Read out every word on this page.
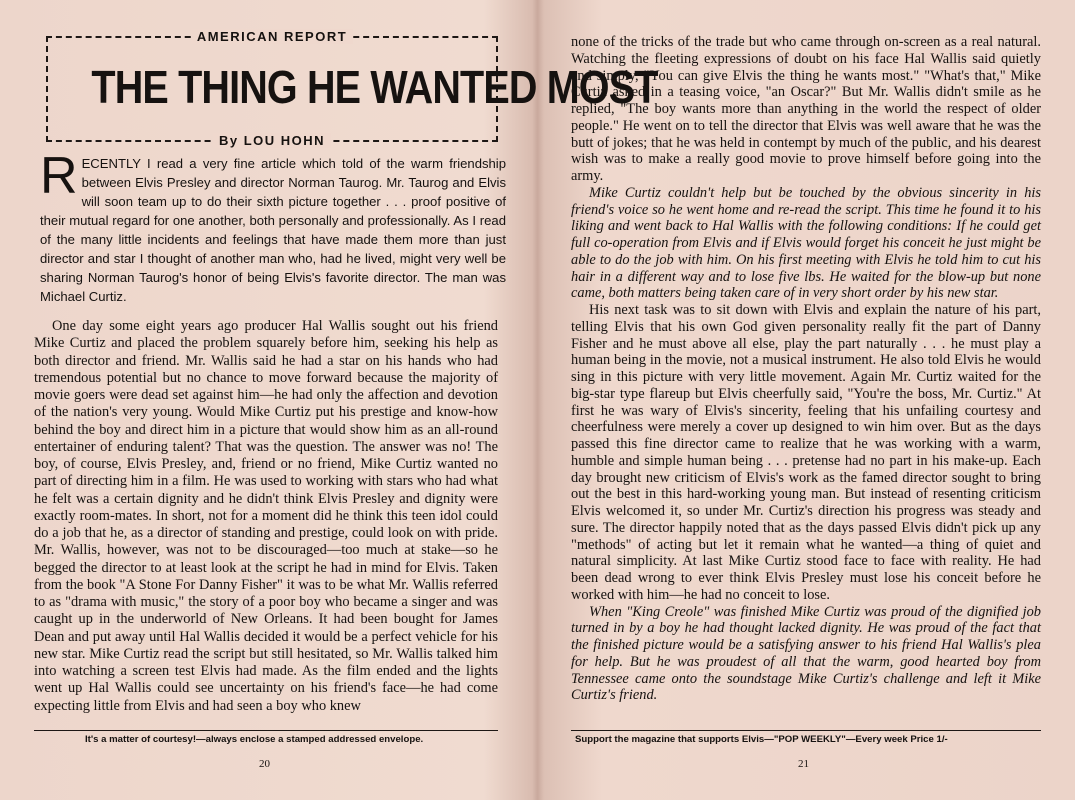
AMERICAN REPORT
THE THING HE WANTED MOST
By LOU HOHN

RECENTLY I read a very fine article which told of the warm friendship between Elvis Presley and director Norman Taurog. Mr. Taurog and Elvis will soon team up to do their sixth picture together . . . proof positive of their mutual regard for one another, both personally and professionally. As I read of the many little incidents and feelings that have made them more than just director and star I thought of another man who, had he lived, might very well be sharing Norman Taurog's honor of being Elvis's favorite director. The man was Michael Curtiz.

One day some eight years ago producer Hal Wallis sought out his friend Mike Curtiz and placed the problem squarely before him, seeking his help as both director and friend. Mr. Wallis said he had a star on his hands who had tremendous potential but no chance to move forward because the majority of movie goers were dead set against him—he had only the affection and devotion of the nation's very young. Would Mike Curtiz put his prestige and know-how behind the boy and direct him in a picture that would show him as an all-round entertainer of enduring talent? That was the question. The answer was no! The boy, of course, Elvis Presley, and, friend or no friend, Mike Curtiz wanted no part of directing him in a film. He was used to working with stars who had what he felt was a certain dignity and he didn't think Elvis Presley and dignity were exactly room-mates. In short, not for a moment did he think this teen idol could do a job that he, as a director of standing and prestige, could look on with pride. Mr. Wallis, however, was not to be discouraged—too much at stake—so he begged the director to at least look at the script he had in mind for Elvis. Taken from the book "A Stone For Danny Fisher" it was to be what Mr. Wallis referred to as "drama with music," the story of a poor boy who became a singer and was caught up in the underworld of New Orleans. It had been bought for James Dean and put away until Hal Wallis decided it would be a perfect vehicle for his new star. Mike Curtiz read the script but still hesitated, so Mr. Wallis talked him into watching a screen test Elvis had made. As the film ended and the lights went up Hal Wallis could see uncertainty on his friend's face—he had come expecting little from Elvis and had seen a boy who knew

It's a matter of courtesy!—always enclose a stamped addressed envelope.
20

none of the tricks of the trade but who came through on-screen as a real natural. Watching the fleeting expressions of doubt on his face Hal Wallis said quietly and simply, "You can give Elvis the thing he wants most." "What's that," Mike Curtiz asked in a teasing voice, "an Oscar?" But Mr. Wallis didn't smile as he replied, "The boy wants more than anything in the world the respect of older people." He went on to tell the director that Elvis was well aware that he was the butt of jokes; that he was held in contempt by much of the public, and his dearest wish was to make a really good movie to prove himself before going into the army.

Mike Curtiz couldn't help but be touched by the obvious sincerity in his friend's voice so he went home and re-read the script. This time he found it to his liking and went back to Hal Wallis with the following conditions: If he could get full co-operation from Elvis and if Elvis would forget his conceit he just might be able to do the job with him. On his first meeting with Elvis he told him to cut his hair in a different way and to lose five lbs. He waited for the blow-up but none came, both matters being taken care of in very short order by his new star.

His next task was to sit down with Elvis and explain the nature of his part, telling Elvis that his own God given personality really fit the part of Danny Fisher and he must above all else, play the part naturally . . . he must play a human being in the movie, not a musical instrument. He also told Elvis he would sing in this picture with very little movement. Again Mr. Curtiz waited for the big-star type flareup but Elvis cheerfully said, "You're the boss, Mr. Curtiz." At first he was wary of Elvis's sincerity, feeling that his unfailing courtesy and cheerfulness were merely a cover up designed to win him over. But as the days passed this fine director came to realize that he was working with a warm, humble and simple human being . . . pretense had no part in his make-up. Each day brought new criticism of Elvis's work as the famed director sought to bring out the best in this hard-working young man. But instead of resenting criticism Elvis welcomed it, so under Mr. Curtiz's direction his progress was steady and sure. The director happily noted that as the days passed Elvis didn't pick up any "methods" of acting but let it remain what he wanted—a thing of quiet and natural simplicity. At last Mike Curtiz stood face to face with reality. He had been dead wrong to ever think Elvis Presley must lose his conceit before he worked with him—he had no conceit to lose.

When "King Creole" was finished Mike Curtiz was proud of the dignified job turned in by a boy he had thought lacked dignity. He was proud of the fact that the finished picture would be a satisfying answer to his friend Hal Wallis's plea for help. But he was proudest of all that the warm, good hearted boy from Tennessee came onto the soundstage Mike Curtiz's challenge and left it Mike Curtiz's friend.

Support the magazine that supports Elvis—"POP WEEKLY"—Every week Price 1/-
21
